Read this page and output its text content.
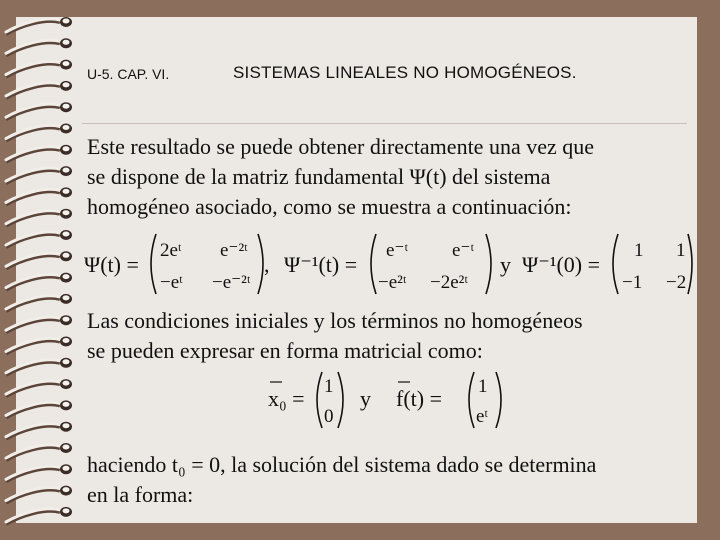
U-5. CAP. VI.	SISTEMAS LINEALES NO HOMOGÉNEOS.
Este resultado se puede obtener directamente una vez que
se dispone de la matriz fundamental Ψ(t) del sistema
homogéneo asociado, como se muestra a continuación:
Ψ(t) =
2eᵗ e⁻²ᵗ
−eᵗ −e⁻²ᵗ
, Ψ⁻¹(t) =
e⁻ᵗ e⁻ᵗ
−e²ᵗ −2e²ᵗ
y Ψ⁻¹(0) =
1 1
−1 −2
Las condiciones iniciales y los términos no homogéneos
se pueden expresar en forma matricial como:
x₀ = 1
0
y f(t) = 1
eᵗ
haciendo t₀ = 0, la solución del sistema dado se determina
en la forma:
